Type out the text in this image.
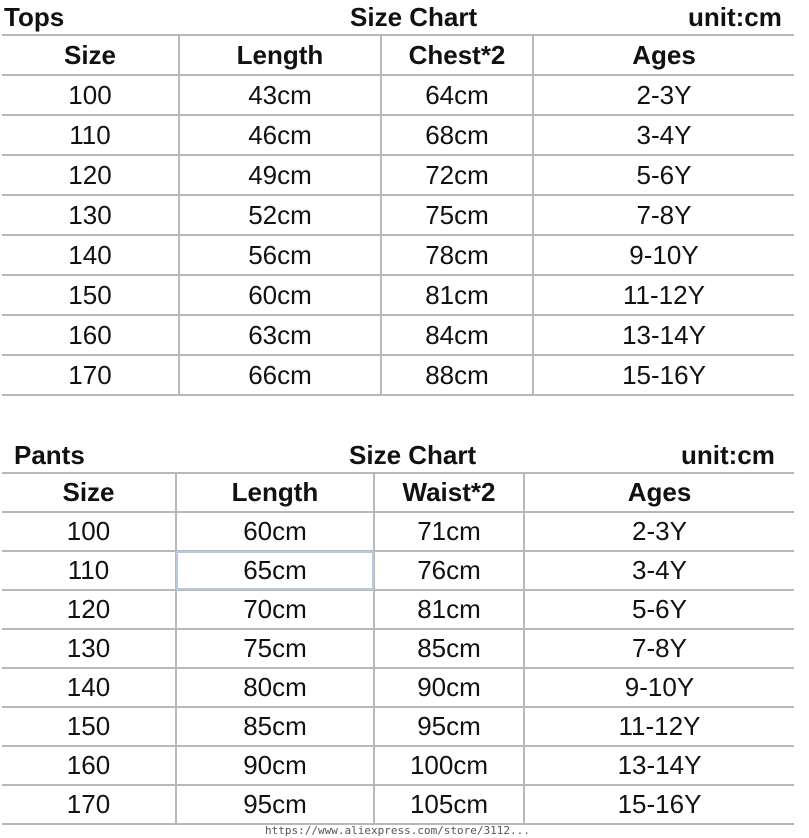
Tops	Size Chart	unit:cm
Size	Length	Chest*2	Ages
100	43cm	64cm	2-3Y
110	46cm	68cm	3-4Y
120	49cm	72cm	5-6Y
130	52cm	75cm	7-8Y
140	56cm	78cm	9-10Y
150	60cm	81cm	11-12Y
160	63cm	84cm	13-14Y
170	66cm	88cm	15-16Y
Pants	Size Chart	unit:cm
Size	Length	Waist*2	Ages
100	60cm	71cm	2-3Y
110	65cm	76cm	3-4Y
120	70cm	81cm	5-6Y
130	75cm	85cm	7-8Y
140	80cm	90cm	9-10Y
150	85cm	95cm	11-12Y
160	90cm	100cm	13-14Y
170	95cm	105cm	15-16Y
https://www.aliexpress.com/store/3112...
